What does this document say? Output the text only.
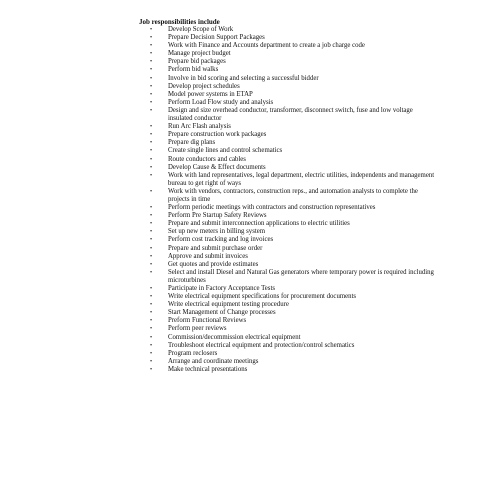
Job responsibilities include
•	Develop Scope of Work
•	Prepare Decision Support Packages
•	Work with Finance and Accounts department to create a job charge code
•	Manage project budget
•	Prepare bid packages
•	Perform bid walks
•	Involve in bid scoring and selecting a successful bidder
•	Develop project schedules
•	Model power systems in ETAP
•	Perform Load Flow study and analysis
•	Design and size overhead conductor, transformer, disconnect switch, fuse and low voltage insulated conductor
•	Run Arc Flash analysis
•	Prepare construction work packages
•	Prepare dig plans
•	Create single lines and control schematics
•	Route conductors and cables
•	Develop Cause & Effect documents
•	Work with land representatives, legal department, electric utilities, independents and management bureau to get right of ways
•	Work with vendors, contractors, construction reps., and automation analysts to complete the projects in time
•	Perform periodic meetings with contractors and construction representatives
•	Perform Pre Startup Safety Reviews
•	Prepare and submit interconnection applications to electric utilities
•	Set up new meters in billing system
•	Perform cost tracking and log invoices
•	Prepare and submit purchase order
•	Approve and submit invoices
•	Get quotes and provide estimates
•	Select and install Diesel and Natural Gas generators where temporary power is required including microturbines
•	Participate in Factory Acceptance Tests
•	Write electrical equipment specifications for procurement documents
•	Write electrical equipment testing procedure
•	Start Management of Change processes
•	Preform Functional Reviews
•	Perform peer reviews
•	Commission/decommission electrical equipment
•	Troubleshoot electrical equipment and protection/control schematics
•	Program reclosers
•	Arrange and coordinate meetings
•	Make technical presentations
